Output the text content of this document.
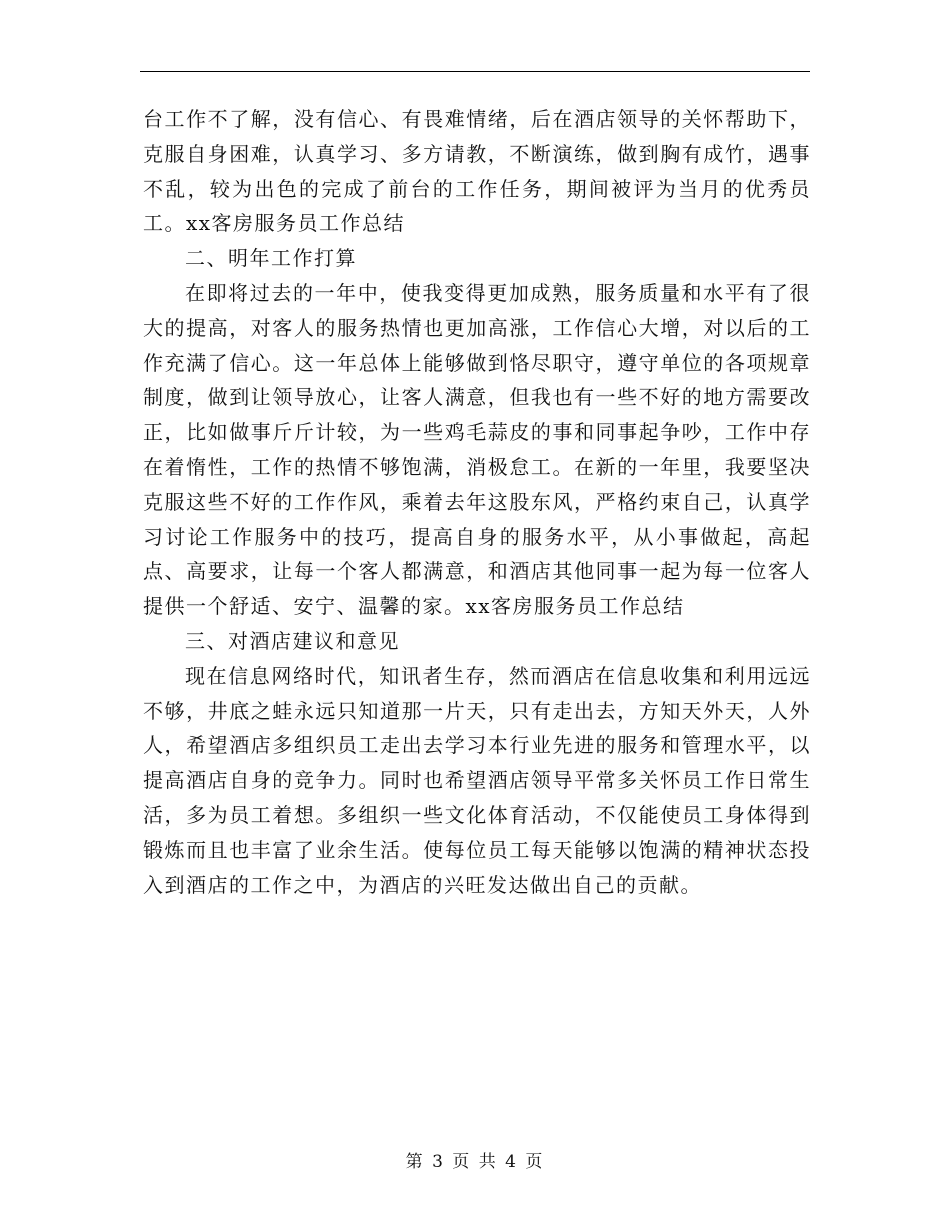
台工作不了解，没有信心、有畏难情绪，后在酒店领导的关怀帮助下，克服自身困难，认真学习、多方请教，不断演练，做到胸有成竹，遇事不乱，较为出色的完成了前台的工作任务，期间被评为当月的优秀员工。xx客房服务员工作总结

二、明年工作打算

在即将过去的一年中，使我变得更加成熟，服务质量和水平有了很大的提高，对客人的服务热情也更加高涨，工作信心大增，对以后的工作充满了信心。这一年总体上能够做到恪尽职守，遵守单位的各项规章制度，做到让领导放心，让客人满意，但我也有一些不好的地方需要改正，比如做事斤斤计较，为一些鸡毛蒜皮的事和同事起争吵，工作中存在着惰性，工作的热情不够饱满，消极怠工。在新的一年里，我要坚决克服这些不好的工作作风，乘着去年这股东风，严格约束自己，认真学习讨论工作服务中的技巧，提高自身的服务水平，从小事做起，高起点、高要求，让每一个客人都满意，和酒店其他同事一起为每一位客人提供一个舒适、安宁、温馨的家。xx客房服务员工作总结

三、对酒店建议和意见

现在信息网络时代，知讯者生存，然而酒店在信息收集和利用远远不够，井底之蛙永远只知道那一片天，只有走出去，方知天外天，人外人，希望酒店多组织员工走出去学习本行业先进的服务和管理水平，以提高酒店自身的竞争力。同时也希望酒店领导平常多关怀员工作日常生活，多为员工着想。多组织一些文化体育活动，不仅能使员工身体得到锻炼而且也丰富了业余生活。使每位员工每天能够以饱满的精神状态投入到酒店的工作之中，为酒店的兴旺发达做出自己的贡献。

第 3 页 共 4 页
